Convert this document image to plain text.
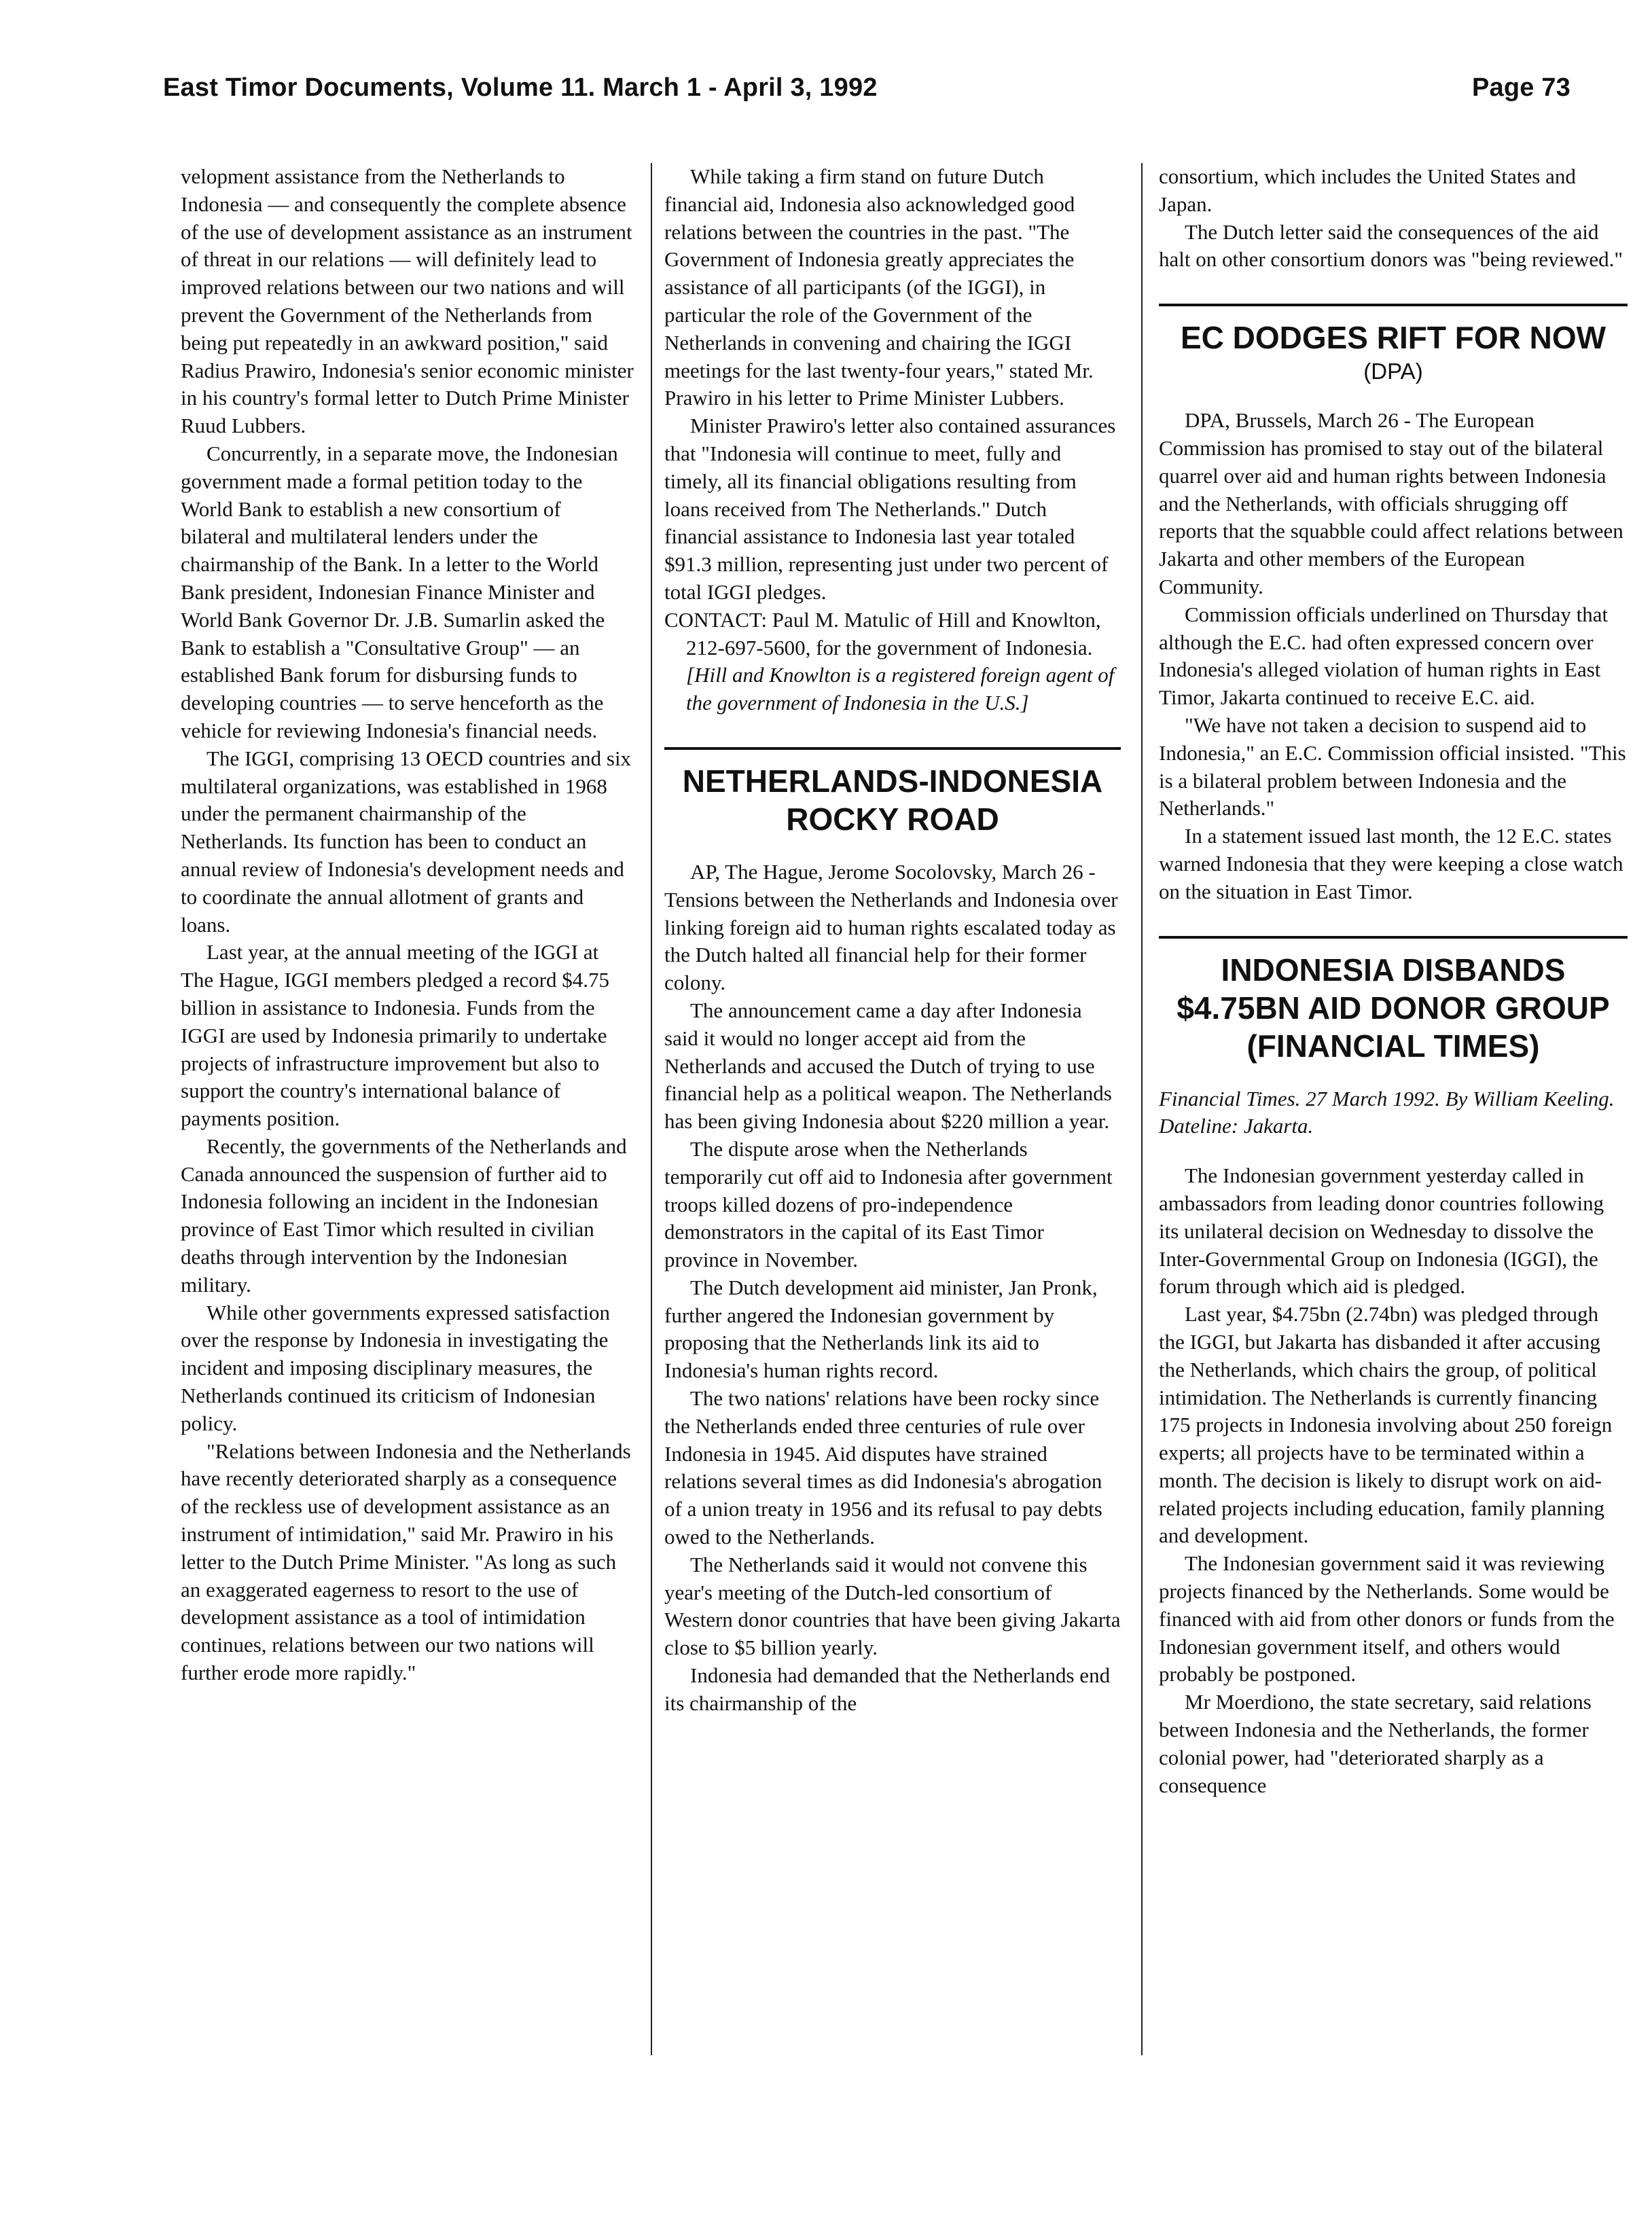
East Timor Documents, Volume 11. March 1 - April 3, 1992	Page 73

velopment assistance from the Netherlands to Indonesia — and consequently the complete absence of the use of development assistance as an instrument of threat in our relations — will definitely lead to improved relations between our two nations and will prevent the Government of the Netherlands from being put repeatedly in an awkward position," said Radius Prawiro, Indonesia's senior economic minister in his country's formal letter to Dutch Prime Minister Ruud Lubbers.

Concurrently, in a separate move, the Indonesian government made a formal petition today to the World Bank to establish a new consortium of bilateral and multilateral lenders under the chairmanship of the Bank. In a letter to the World Bank president, Indonesian Finance Minister and World Bank Governor Dr. J.B. Sumarlin asked the Bank to establish a "Consultative Group" — an established Bank forum for disbursing funds to developing countries — to serve henceforth as the vehicle for reviewing Indonesia's financial needs.

The IGGI, comprising 13 OECD countries and six multilateral organizations, was established in 1968 under the permanent chairmanship of the Netherlands. Its function has been to conduct an annual review of Indonesia's development needs and to coordinate the annual allotment of grants and loans.

Last year, at the annual meeting of the IGGI at The Hague, IGGI members pledged a record $4.75 billion in assistance to Indonesia. Funds from the IGGI are used by Indonesia primarily to undertake projects of infrastructure improvement but also to support the country's international balance of payments position.

Recently, the governments of the Netherlands and Canada announced the suspension of further aid to Indonesia following an incident in the Indonesian province of East Timor which resulted in civilian deaths through intervention by the Indonesian military.

While other governments expressed satisfaction over the response by Indonesia in investigating the incident and imposing disciplinary measures, the Netherlands continued its criticism of Indonesian policy.

"Relations between Indonesia and the Netherlands have recently deteriorated sharply as a consequence of the reckless use of development assistance as an instrument of intimidation," said Mr. Prawiro in his letter to the Dutch Prime Minister. "As long as such an exaggerated eagerness to resort to the use of development assistance as a tool of intimidation continues, relations between our two nations will further erode more rapidly."

While taking a firm stand on future Dutch financial aid, Indonesia also acknowledged good relations between the countries in the past. "The Government of Indonesia greatly appreciates the assistance of all participants (of the IGGI), in particular the role of the Government of the Netherlands in convening and chairing the IGGI meetings for the last twenty-four years," stated Mr. Prawiro in his letter to Prime Minister Lubbers.

Minister Prawiro's letter also contained assurances that "Indonesia will continue to meet, fully and timely, all its financial obligations resulting from loans received from The Netherlands." Dutch financial assistance to Indonesia last year totaled $91.3 million, representing just under two percent of total IGGI pledges.

CONTACT: Paul M. Matulic of Hill and Knowlton, 212-697-5600, for the government of Indonesia. [Hill and Knowlton is a registered foreign agent of the government of Indonesia in the U.S.]

NETHERLANDS-INDONESIA ROCKY ROAD

AP, The Hague, Jerome Socolovsky, March 26 - Tensions between the Netherlands and Indonesia over linking foreign aid to human rights escalated today as the Dutch halted all financial help for their former colony.

The announcement came a day after Indonesia said it would no longer accept aid from the Netherlands and accused the Dutch of trying to use financial help as a political weapon. The Netherlands has been giving Indonesia about $220 million a year.

The dispute arose when the Netherlands temporarily cut off aid to Indonesia after government troops killed dozens of pro-independence demonstrators in the capital of its East Timor province in November.

The Dutch development aid minister, Jan Pronk, further angered the Indonesian government by proposing that the Netherlands link its aid to Indonesia's human rights record.

The two nations' relations have been rocky since the Netherlands ended three centuries of rule over Indonesia in 1945. Aid disputes have strained relations several times as did Indonesia's abrogation of a union treaty in 1956 and its refusal to pay debts owed to the Netherlands.

The Netherlands said it would not convene this year's meeting of the Dutch-led consortium of Western donor countries that have been giving Jakarta close to $5 billion yearly.

Indonesia had demanded that the Netherlands end its chairmanship of the

consortium, which includes the United States and Japan.

The Dutch letter said the consequences of the aid halt on other consortium donors was "being reviewed."

EC DODGES RIFT FOR NOW
(DPA)

DPA, Brussels, March 26 - The European Commission has promised to stay out of the bilateral quarrel over aid and human rights between Indonesia and the Netherlands, with officials shrugging off reports that the squabble could affect relations between Jakarta and other members of the European Community.

Commission officials underlined on Thursday that although the E.C. had often expressed concern over Indonesia's alleged violation of human rights in East Timor, Jakarta continued to receive E.C. aid.

"We have not taken a decision to suspend aid to Indonesia," an E.C. Commission official insisted. "This is a bilateral problem between Indonesia and the Netherlands."

In a statement issued last month, the 12 E.C. states warned Indonesia that they were keeping a close watch on the situation in East Timor.

INDONESIA DISBANDS $4.75BN AID DONOR GROUP (FINANCIAL TIMES)

Financial Times. 27 March 1992. By William Keeling. Dateline: Jakarta.

The Indonesian government yesterday called in ambassadors from leading donor countries following its unilateral decision on Wednesday to dissolve the Inter-Governmental Group on Indonesia (IGGI), the forum through which aid is pledged.

Last year, $4.75bn (2.74bn) was pledged through the IGGI, but Jakarta has disbanded it after accusing the Netherlands, which chairs the group, of political intimidation. The Netherlands is currently financing 175 projects in Indonesia involving about 250 foreign experts; all projects have to be terminated within a month. The decision is likely to disrupt work on aid-related projects including education, family planning and development.

The Indonesian government said it was reviewing projects financed by the Netherlands. Some would be financed with aid from other donors or funds from the Indonesian government itself, and others would probably be postponed.

Mr Moerdiono, the state secretary, said relations between Indonesia and the Netherlands, the former colonial power, had "deteriorated sharply as a consequence
